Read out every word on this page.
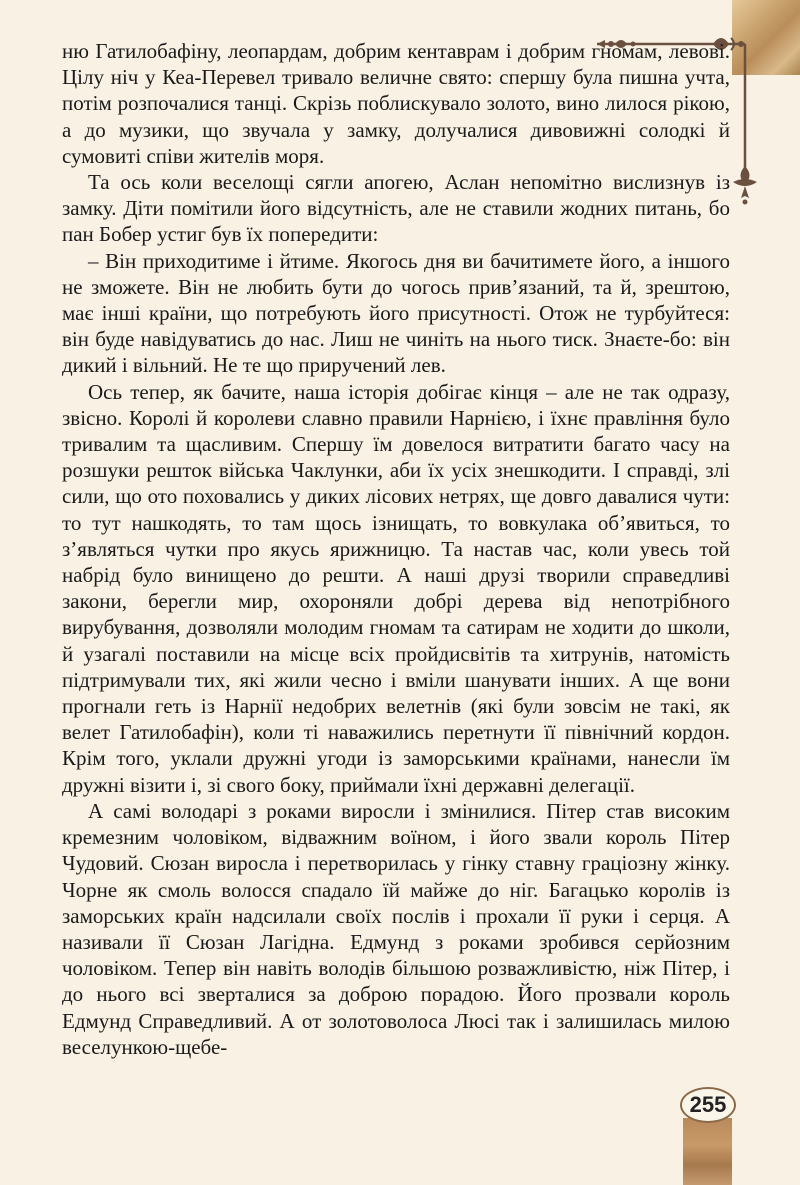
ню Гатилобафіну, леопардам, добрим кентаврам і добрим гномам, левові. Цілу ніч у Кеа-Перевел тривало величне свято: спершу була пишна учта, потім розпочалися танці. Скрізь поблискувало золото, вино лилося рікою, а до музики, що звучала у замку, долучалися дивовижні солодкі й сумовиті співи жителів моря.

Та ось коли веселощі сягли апогею, Аслан непомітно вислизнув із замку. Діти помітили його відсутність, але не ставили жодних питань, бо пан Бобер устиг був їх попередити:

– Він приходитиме і йтиме. Якогось дня ви бачитимете його, а іншого не зможете. Він не любить бути до чогось прив’язаний, та й, зрештою, має інші країни, що потребують його присутності. Отож не турбуйтеся: він буде навідуватись до нас. Лиш не чиніть на нього тиск. Знаєте-бо: він дикий і вільний. Не те що приручений лев.

Ось тепер, як бачите, наша історія добігає кінця – але не так одразу, звісно. Королі й королеви славно правили Нарнією, і їхнє правління було тривалим та щасливим. Спершу їм довелося витратити багато часу на розшуки решток війська Чаклунки, аби їх усіх знешкодити. І справді, злі сили, що ото поховались у диких лісових нетрях, ще довго давалися чути: то тут нашкодять, то там щось ізнищать, то вовкулака об’явиться, то з’являться чутки про якусь ярижницю. Та настав час, коли увесь той набрід було винищено до решти. А наші друзі творили справедливі закони, берегли мир, охороняли добрі дерева від непотрібного вирубування, дозволяли молодим гномам та сатирам не ходити до школи, й узагалі поставили на місце всіх пройдисвітів та хитрунів, натомість підтримували тих, які жили чесно і вміли шанувати інших. А ще вони прогнали геть із Нарнії недобрих велетнів (які були зовсім не такі, як велет Гатилобафін), коли ті наважились перетнути її північний кордон. Крім того, уклали дружні угоди із заморськими країнами, нанесли їм дружні візити і, зі свого боку, приймали їхні державні делегації.

А самі володарі з роками виросли і змінилися. Пітер став високим кремезним чоловіком, відважним воїном, і його звали король Пітер Чудовий. Сюзан виросла і перетворилась у гінку ставну граціозну жінку. Чорне як смоль волосся спадало їй майже до ніг. Багацько королів із заморських країн надсилали своїх послів і прохали її руки і серця. А називали її Сюзан Лагідна. Едмунд з роками зробився серйозним чоловіком. Тепер він навіть володів більшою розважливістю, ніж Пітер, і до нього всі зверталися за доброю порадою. Його прозвали король Едмунд Справедливий. А от золотоволоса Люсі так і залишилась милою веселункою-щебе-

255
